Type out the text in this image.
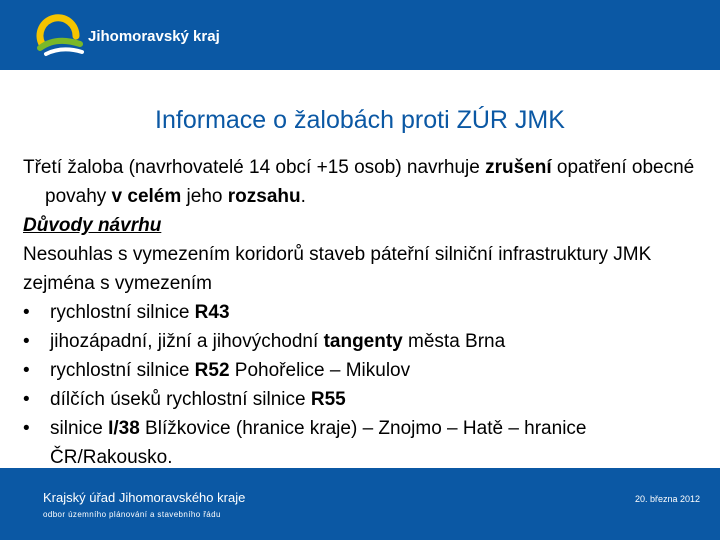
Jihomoravský kraj
Informace o žalobách proti ZÚR JMK

Třetí žaloba (navrhovatelé 14 obcí +15 osob) navrhuje zrušení opatření obecné povahy v celém jeho rozsahu.

Důvody návrhu

Nesouhlas s vymezením koridorů staveb páteřní silniční infrastruktury JMK zejména s vymezením

• rychlostní silnice R43
• jihozápadní, jižní a jihovýchodní tangenty města Brna
• rychlostní silnice R52 Pohořelice – Mikulov
• dílčích úseků rychlostní silnice R55
• silnice I/38 Blížkovice (hranice kraje) – Znojmo – Hatě – hranice ČR/Rakousko.
Krajský úřad Jihomoravského kraje
odbor územního plánování a stavebního řádu
20. března 2012
